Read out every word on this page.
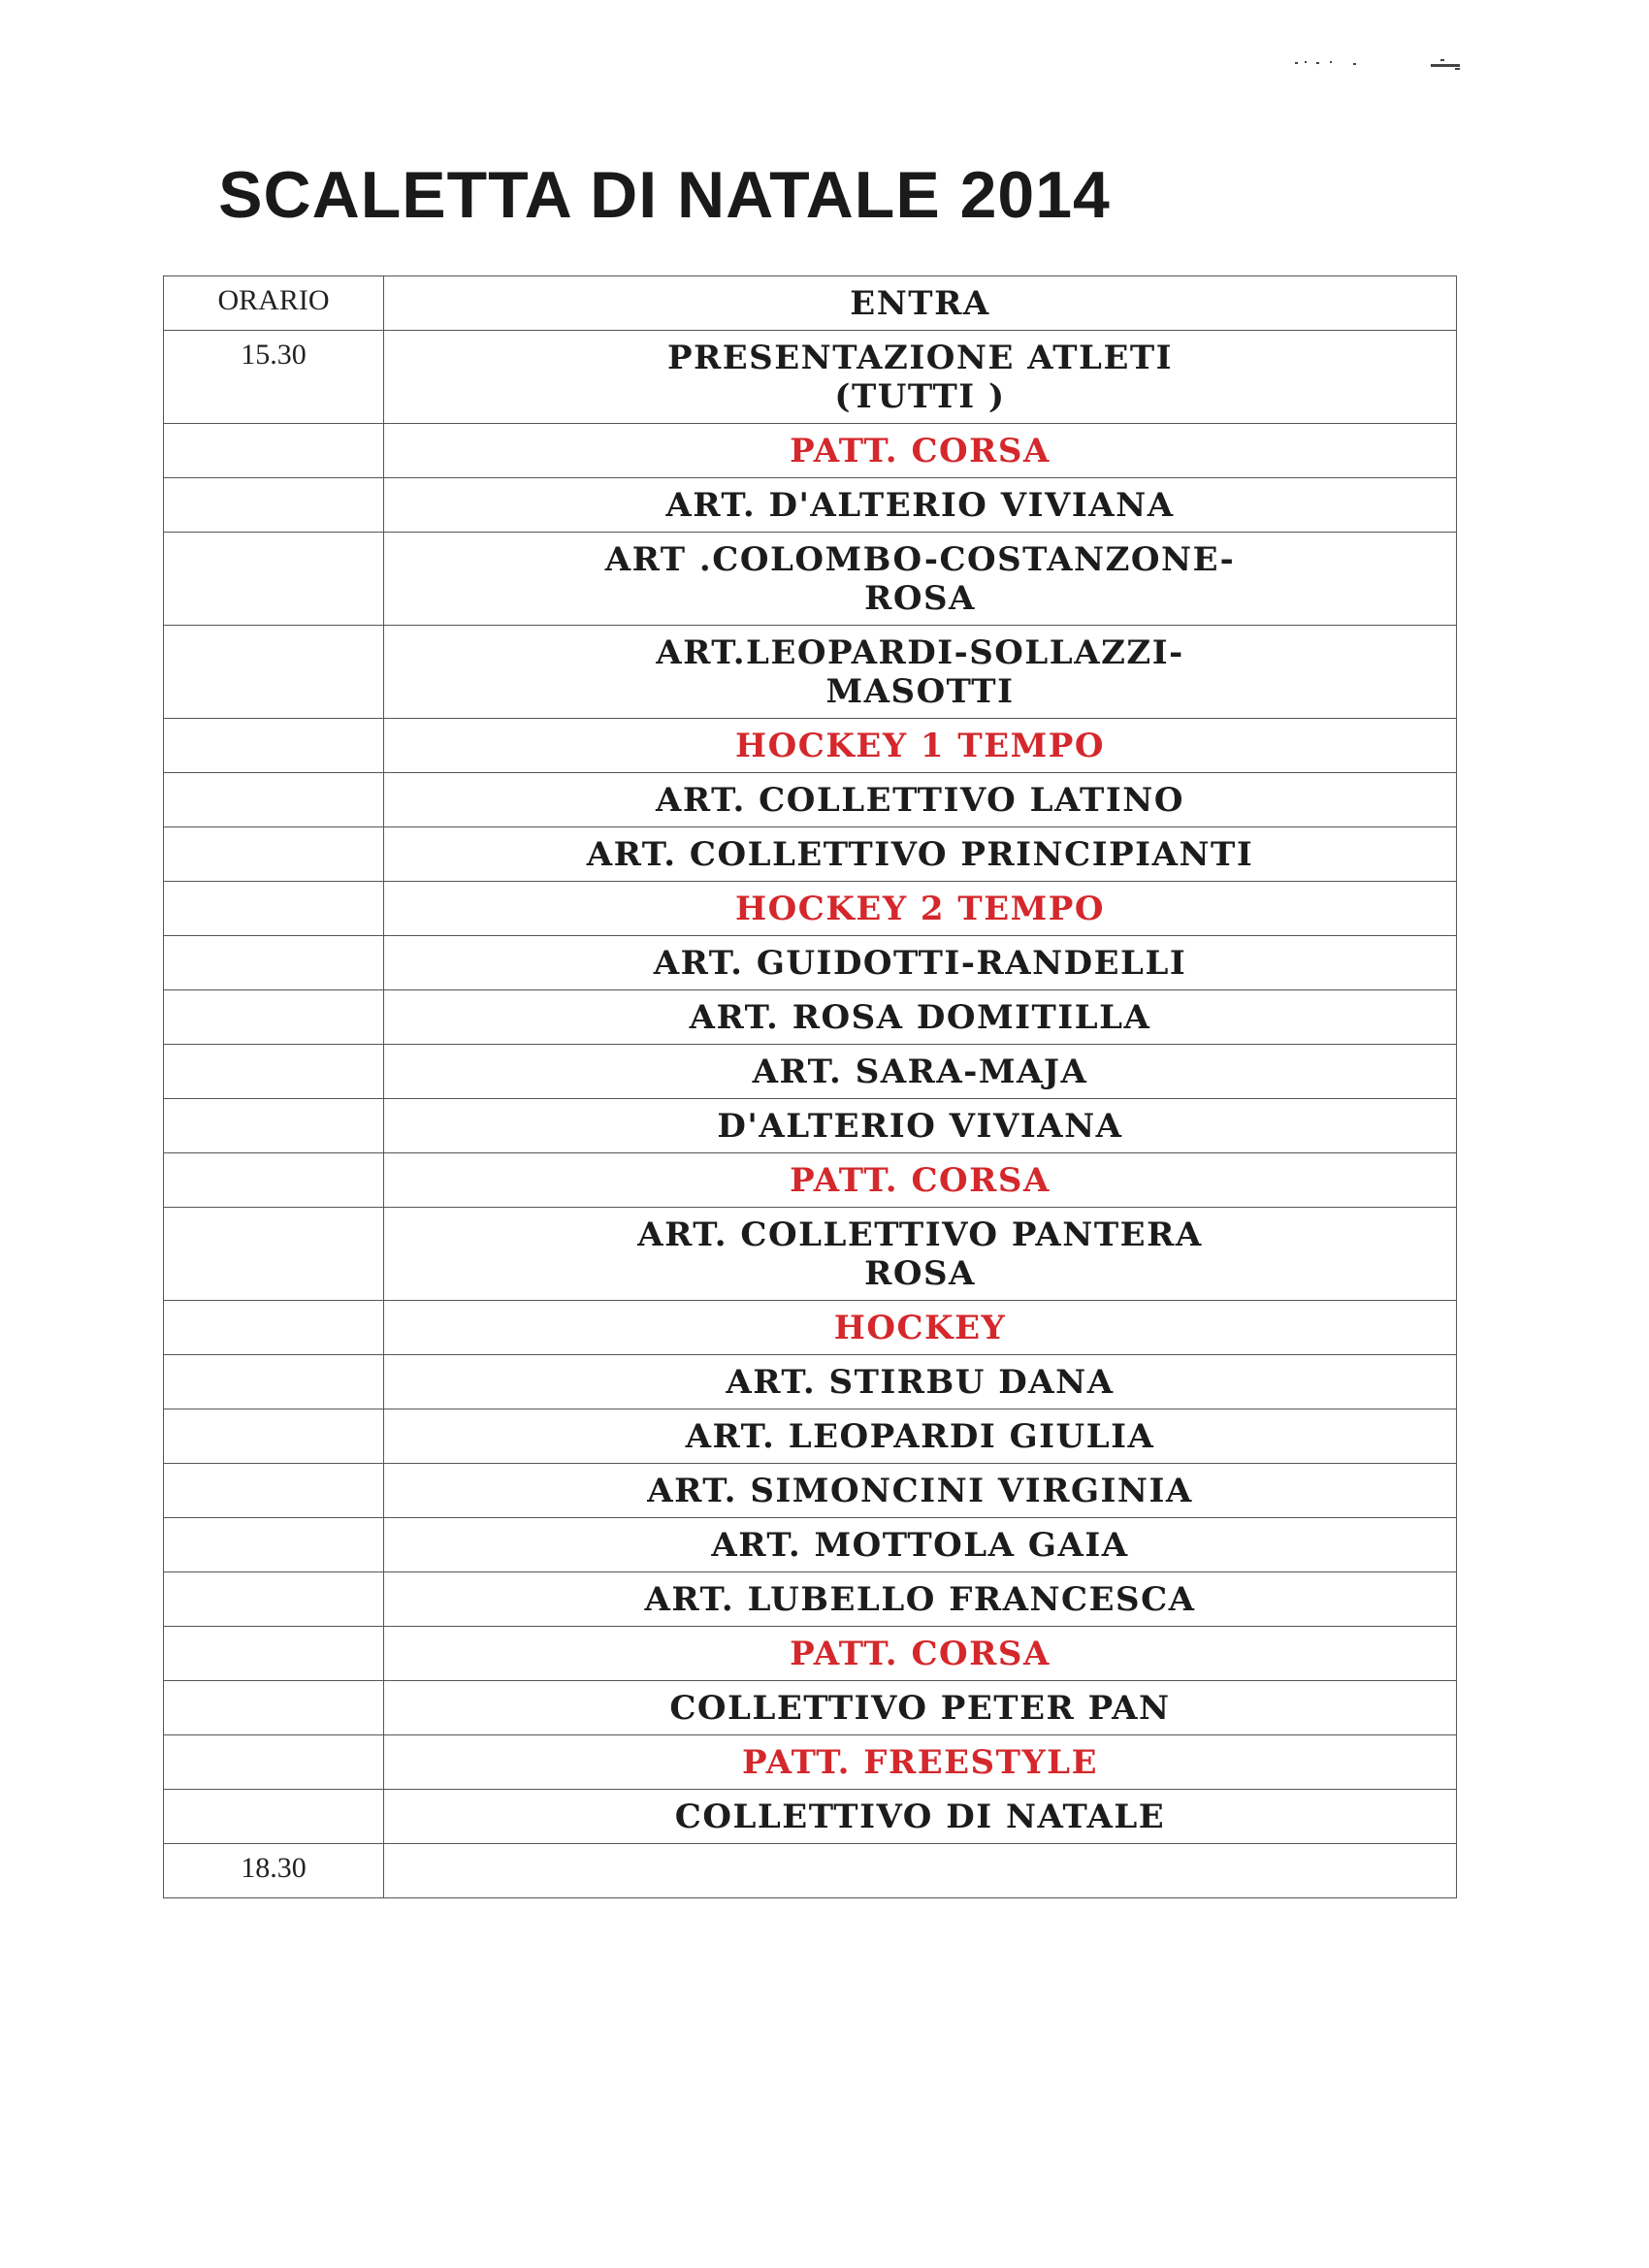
SCALETTA DI NATALE 2014
ORARIO	ENTRA
15.30	PRESENTAZIONE ATLETI
(TUTTI )

	PATT. CORSA

	ART. D'ALTERIO VIVIANA

	ART .COLOMBO-COSTANZONE-
ROSA

	ART.LEOPARDI-SOLLAZZI-
MASOTTI

	HOCKEY 1 TEMPO

	ART. COLLETTIVO LATINO

	ART. COLLETTIVO PRINCIPIANTI

	HOCKEY 2 TEMPO

	ART. GUIDOTTI-RANDELLI

	ART. ROSA DOMITILLA

	ART. SARA-MAJA

	D'ALTERIO VIVIANA

	PATT. CORSA

	ART. COLLETTIVO PANTERA
ROSA

	HOCKEY

	ART. STIRBU DANA

	ART. LEOPARDI GIULIA

	ART. SIMONCINI VIRGINIA

	ART. MOTTOLA GAIA

	ART. LUBELLO FRANCESCA

	PATT. CORSA

	COLLETTIVO PETER PAN

	PATT. FREESTYLE

	COLLETTIVO DI NATALE

18.30	
